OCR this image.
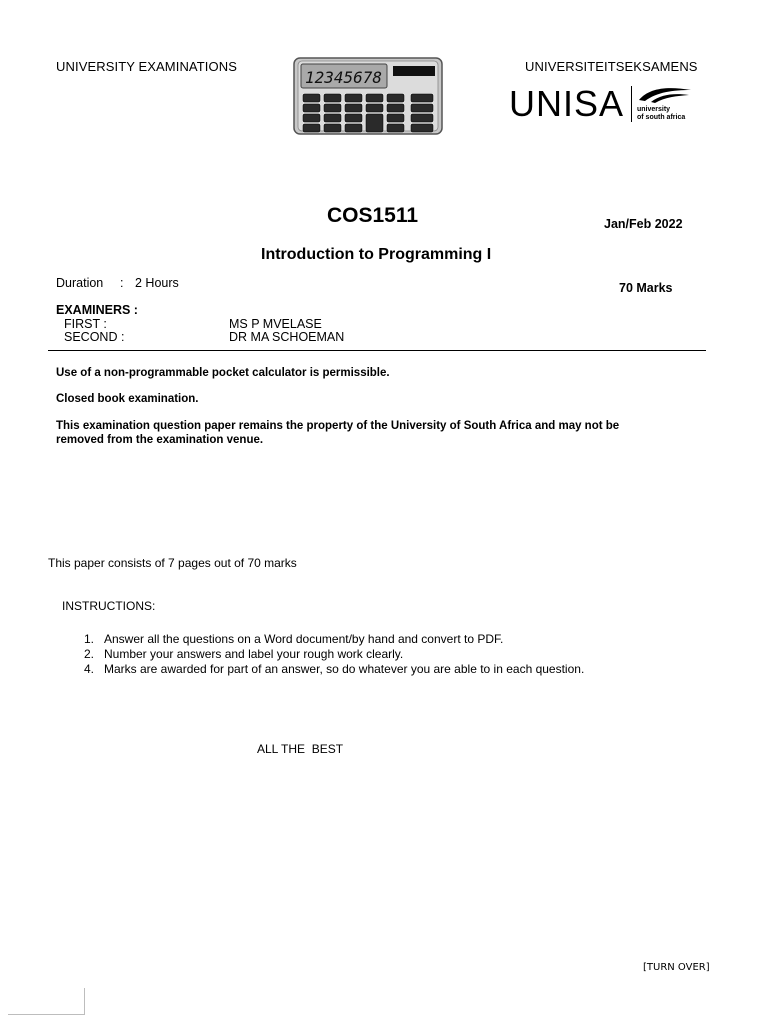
UNIVERSITY EXAMINATIONS	UNIVERSITEITSEKSAMENS
12345678
UNISA university
of south africa
COS1511	Jan/Feb 2022
Introduction to Programming I
Duration : 2 Hours	70 Marks
EXAMINERS :
FIRST :	MS P MVELASE
SECOND :	DR MA SCHOEMAN
Use of a non-programmable pocket calculator is permissible.
Closed book examination.
This examination question paper remains the property of the University of South Africa and may not be
removed from the examination venue.
This paper consists of 7 pages out of 70 marks
INSTRUCTIONS:
1. Answer all the questions on a Word document/by hand and convert to PDF.
2. Number your answers and label your rough work clearly.
4. Marks are awarded for part of an answer, so do whatever you are able to in each question.
ALL THE  BEST
[TURN OVER]
